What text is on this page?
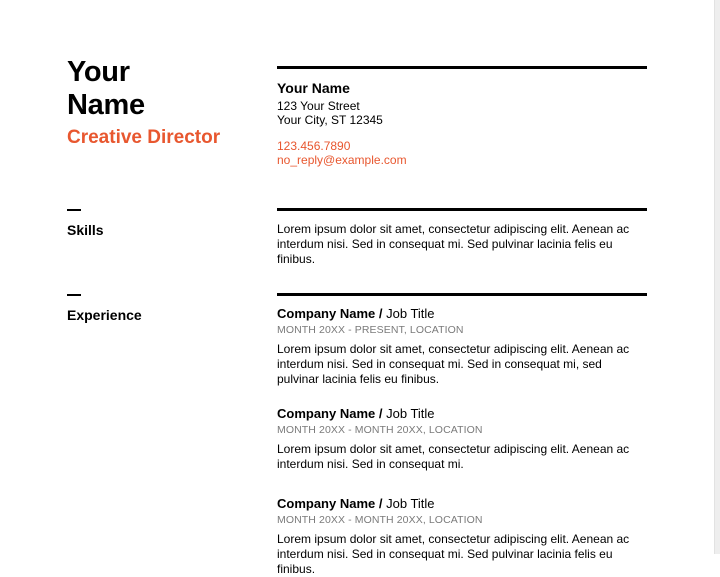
Your
Name

Creative Director

Your Name

123 Your Street
Your City, ST 12345
123.456.7890
no_reply@example.com

Skills	Lorem ipsum dolor sit amet, consectetur adipiscing elit. Aenean ac interdum nisi. Sed in consequat mi. Sed pulvinar lacinia felis eu finibus.

Experience	Company Name / Job Title

MONTH 20XX - PRESENT, LOCATION

Lorem ipsum dolor sit amet, consectetur adipiscing elit. Aenean ac interdum nisi. Sed in consequat mi. Sed in consequat mi, sed pulvinar lacinia felis eu finibus.

Company Name / Job Title

MONTH 20XX - MONTH 20XX, LOCATION

Lorem ipsum dolor sit amet, consectetur adipiscing elit. Aenean ac interdum nisi. Sed in consequat mi.

Company Name / Job Title

MONTH 20XX - MONTH 20XX, LOCATION

Lorem ipsum dolor sit amet, consectetur adipiscing elit. Aenean ac interdum nisi. Sed in consequat mi. Sed pulvinar lacinia felis eu finibus.
